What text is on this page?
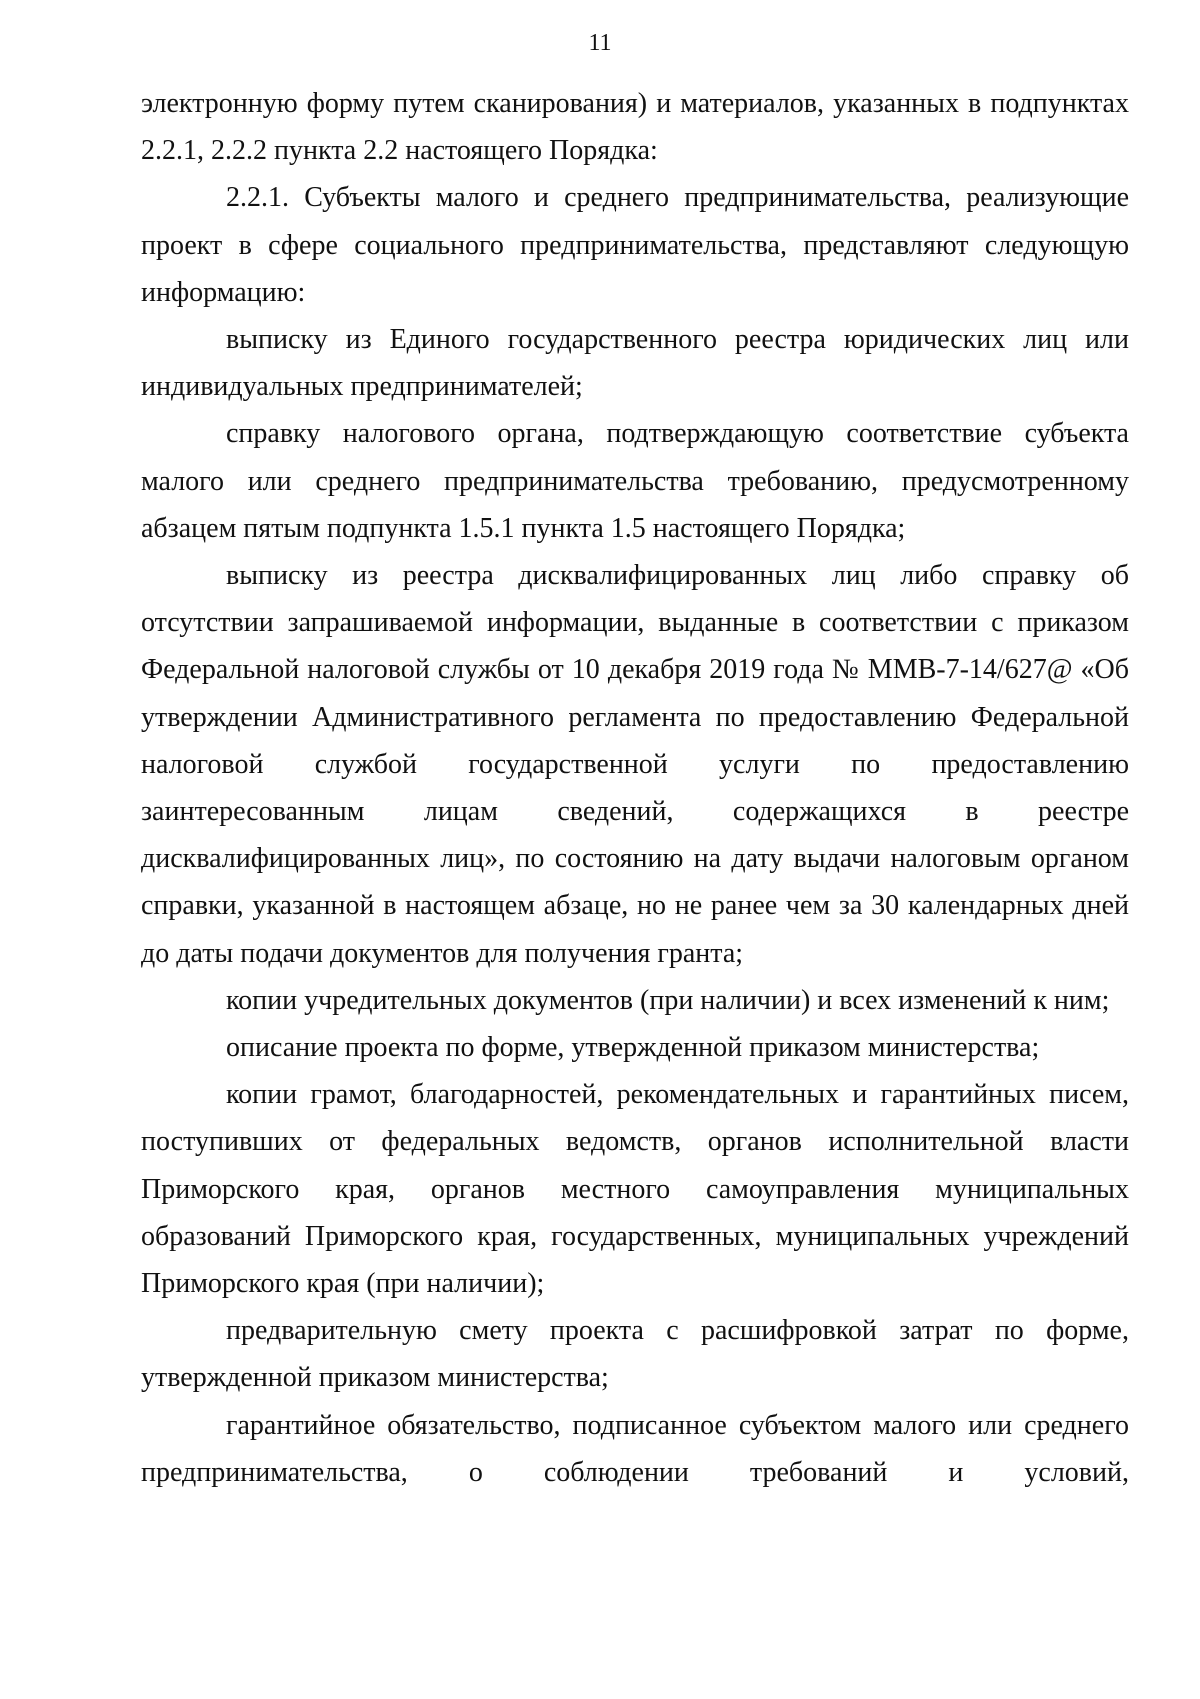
11

электронную форму путем сканирования) и материалов, указанных в подпунктах 2.2.1, 2.2.2 пункта 2.2 настоящего Порядка:

2.2.1. Субъекты малого и среднего предпринимательства, реализующие проект в сфере социального предпринимательства, представляют следующую информацию:

выписку из Единого государственного реестра юридических лиц или индивидуальных предпринимателей;

справку налогового органа, подтверждающую соответствие субъекта малого или среднего предпринимательства требованию, предусмотренному абзацем пятым подпункта 1.5.1 пункта 1.5 настоящего Порядка;

выписку из реестра дисквалифицированных лиц либо справку об отсутствии запрашиваемой информации, выданные в соответствии с приказом Федеральной налоговой службы от 10 декабря 2019 года № ММВ-7-14/627@ «Об утверждении Административного регламента по предоставлению Федеральной налоговой службой государственной услуги по предоставлению заинтересованным лицам сведений, содержащихся в реестре дисквалифицированных лиц», по состоянию на дату выдачи налоговым органом справки, указанной в настоящем абзаце, но не ранее чем за 30 календарных дней до даты подачи документов для получения гранта;

копии учредительных документов (при наличии) и всех изменений к ним;

описание проекта по форме, утвержденной приказом министерства;

копии грамот, благодарностей, рекомендательных и гарантийных писем, поступивших от федеральных ведомств, органов исполнительной власти Приморского края, органов местного самоуправления муниципальных образований Приморского края, государственных, муниципальных учреждений Приморского края (при наличии);

предварительную смету проекта с расшифровкой затрат по форме, утвержденной приказом министерства;

гарантийное обязательство, подписанное субъектом малого или среднего предпринимательства, о соблюдении требований и условий,
